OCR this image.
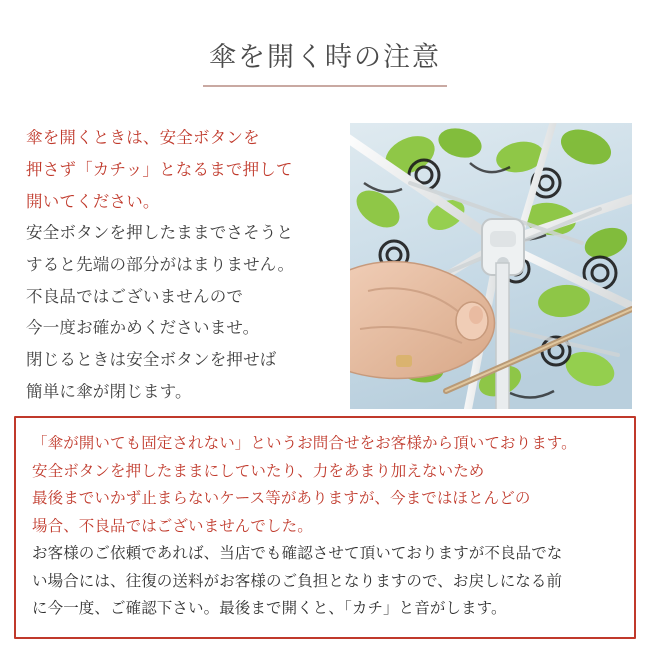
傘を開く時の注意

傘を開くときは、安全ボタンを

押さず「カチッ」となるまで押して

開いてください。

安全ボタンを押したままでさそうと

すると先端の部分がはまりません。

不良品ではございませんので

今一度お確かめくださいませ。

閉じるときは安全ボタンを押せば

簡単に傘が閉じます。

「傘が開いても固定されない」というお問合せをお客様から頂いております。

安全ボタンを押したままにしていたり、力をあまり加えないため

最後までいかず止まらないケース等がありますが、今まではほとんどの

場合、不良品ではございませんでした。

お客様のご依頼であれば、当店でも確認させて頂いておりますが不良品でな

い場合には、往復の送料がお客様のご負担となりますので、お戻しになる前

に今一度、ご確認下さい。最後まで開くと、「カチ」と音がします。
